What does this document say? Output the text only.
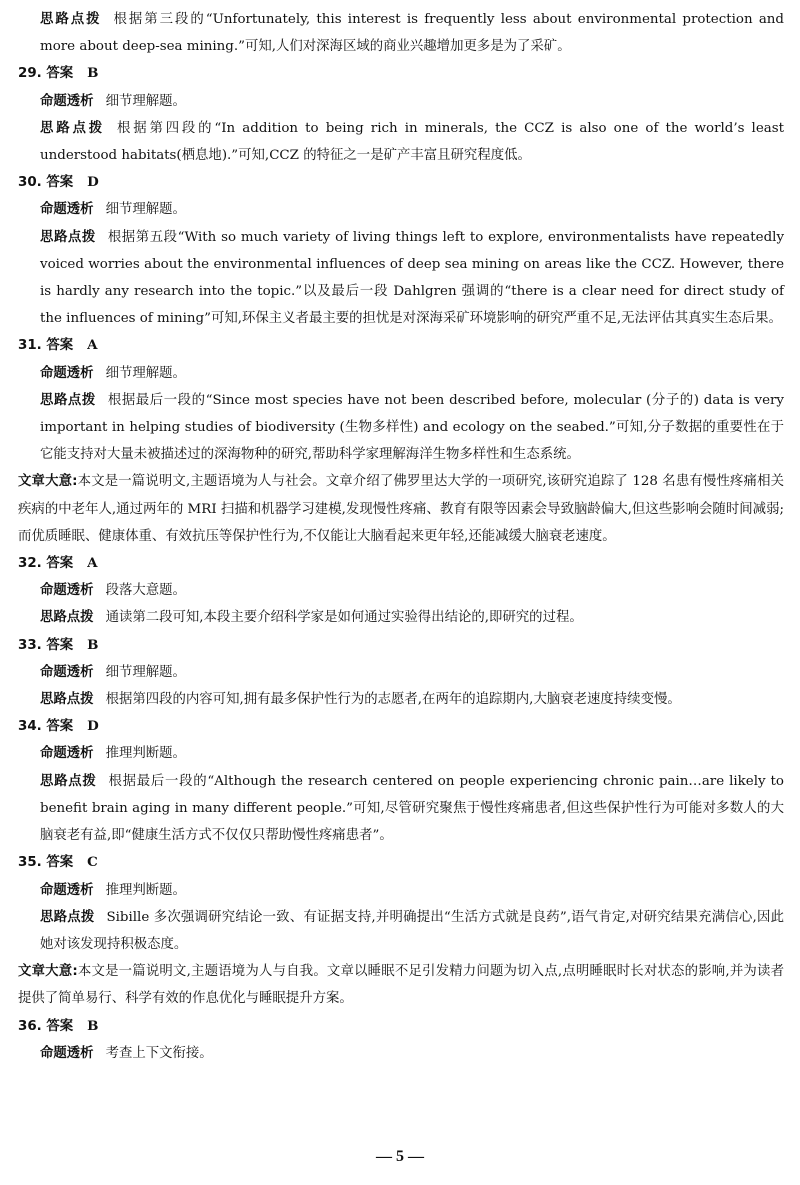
思路点拨 根据第三段的“Unfortunately, this interest is frequently less about environmental protection and more about deep-sea mining.”可知,人们对深海区域的商业兴趣增加更多是为了采矿。
29. 答案 B
命题透析 细节理解题。
思路点拨 根据第四段的“In addition to being rich in minerals, the CCZ is also one of the world’s least understood habitats(栖息地).”可知,CCZ 的特征之一是矿产丰富且研究程度低。
30. 答案 D
命题透析 细节理解题。
思路点拨 根据第五段“With so much variety of living things left to explore, environmentalists have repeatedly voiced worries about the environmental influences of deep sea mining on areas like the CCZ. However, there is hardly any research into the topic.”以及最后一段 Dahlgren 强调的“there is a clear need for direct study of the influences of mining”可知,环保主义者最主要的担忧是对深海采矿环境影响的研究严重不足,无法评估其真实生态后果。
31. 答案 A
命题透析 细节理解题。
思路点拨 根据最后一段的“Since most species have not been described before, molecular (分子的) data is very important in helping studies of biodiversity (生物多样性) and ecology on the seabed.”可知,分子数据的重要性在于它能支持对大量未被描述过的深海物种的研究,帮助科学家理解海洋生物多样性和生态系统。
文章大意:本文是一篇说明文,主题语境为人与社会。文章介绍了佛罗里达大学的一项研究,该研究追踪了 128 名患有慢性疼痛相关疾病的中老年人,通过两年的 MRI 扫描和机器学习建模,发现慢性疼痛、教育有限等因素会导致脑龄偏大,但这些影响会随时间减弱;而优质睡眠、健康体重、有效抗压等保护性行为,不仅能让大脑看起来更年轻,还能减缓大脑衰老速度。
32. 答案 A
命题透析 段落大意题。
思路点拨 通读第二段可知,本段主要介绍科学家是如何通过实验得出结论的,即研究的过程。
33. 答案 B
命题透析 细节理解题。
思路点拨 根据第四段的内容可知,拥有最多保护性行为的志愿者,在两年的追踪期内,大脑衰老速度持续变慢。
34. 答案 D
命题透析 推理判断题。
思路点拨 根据最后一段的“Although the research centered on people experiencing chronic pain…are likely to benefit brain aging in many different people.”可知,尽管研究聚焦于慢性疼痛患者,但这些保护性行为可能对多数人的大脑衰老有益,即“健康生活方式不仅仅只帮助慢性疼痛患者”。
35. 答案 C
命题透析 推理判断题。
思路点拨 Sibille 多次强调研究结论一致、有证据支持,并明确提出“生活方式就是良药”,语气肯定,对研究结果充满信心,因此她对该发现持积极态度。
文章大意:本文是一篇说明文,主题语境为人与自我。文章以睡眠不足引发精力问题为切入点,点明睡眠时长对状态的影响,并为读者提供了简单易行、科学有效的作息优化与睡眠提升方案。
36. 答案 B
命题透析 考查上下文衔接。
— 5 —
